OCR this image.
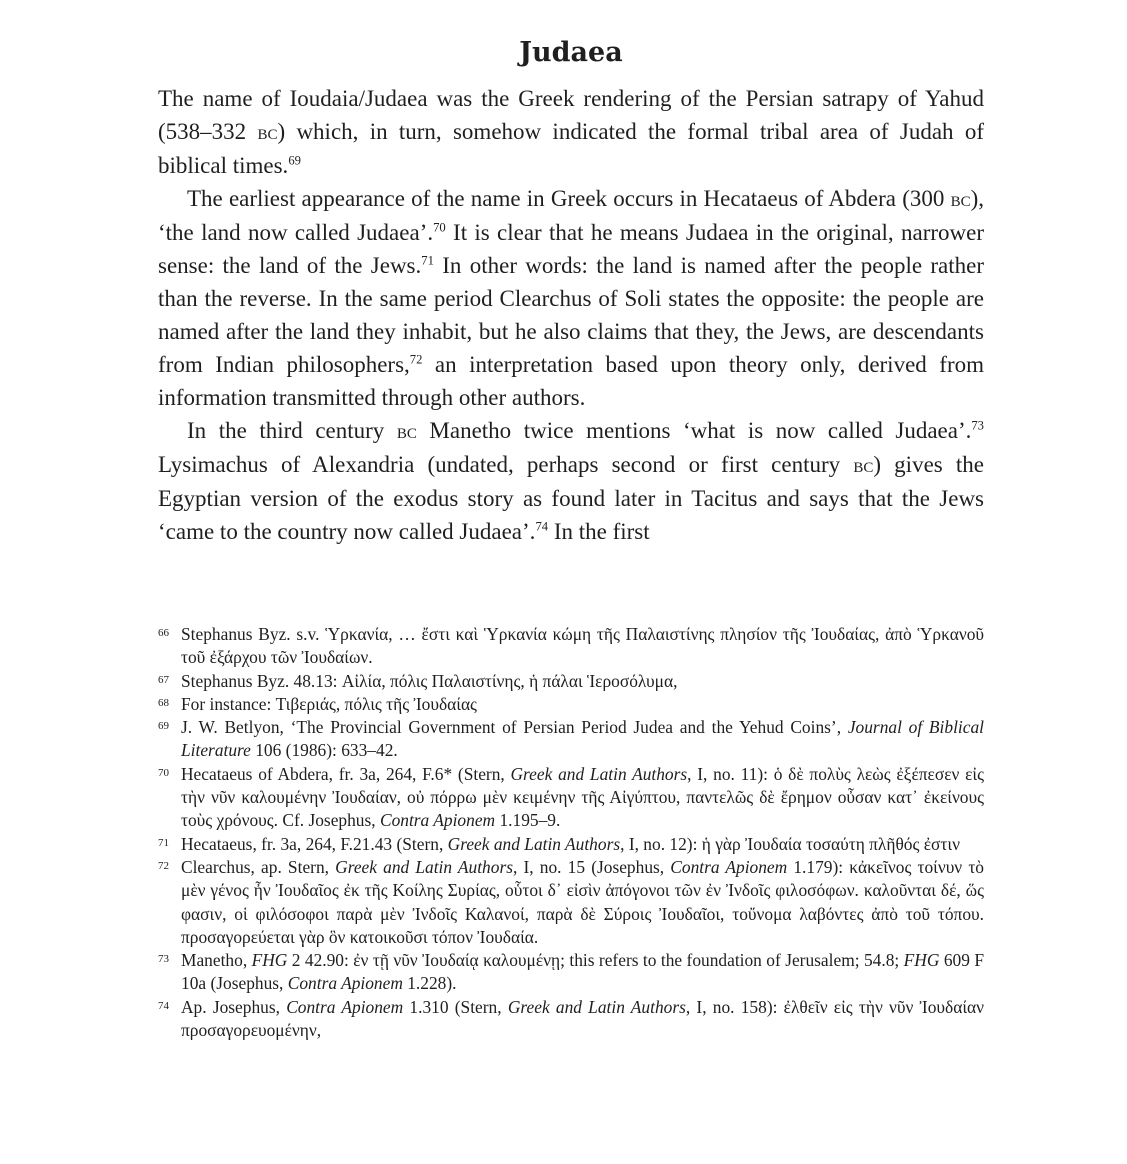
Judaea

The name of Ioudaia/Judaea was the Greek rendering of the Persian satrapy of Yahud (538–332 bc) which, in turn, somehow indicated the formal tribal area of Judah of biblical times.$^{69}$

The earliest appearance of the name in Greek occurs in Hecataeus of Abdera (300 bc), ‘the land now called Judaea’.$^{70}$ It is clear that he means Judaea in the original, narrower sense: the land of the Jews.$^{71}$ In other words: the land is named after the people rather than the reverse. In the same period Clearchus of Soli states the opposite: the people are named after the land they inhabit, but he also claims that they, the Jews, are descendants from Indian philosophers,$^{72}$ an interpretation based upon theory only, derived from information transmitted through other authors.

In the third century bc Manetho twice mentions ‘what is now called Judaea’.$^{73}$ Lysimachus of Alexandria (undated, perhaps second or first century bc) gives the Egyptian version of the exodus story as found later in Tacitus and says that the Jews ‘came to the country now called Judaea’.$^{74}$ In the first

66 Stephanus Byz. s.v. Ὑρκανία, … ἔστι καὶ Ὑρκανία κώμη τῆς Παλαιστίνης πλησίον τῆς Ἰουδαίας, ἀπὸ Ὑρκανοῦ τοῦ ἐξάρχου τῶν Ἰουδαίων.
67 Stephanus Byz. 48.13: Αἰλία, πόλις Παλαιστίνης, ἡ πάλαι Ἱεροσόλυμα,
68 For instance: Τιβεριάς, πόλις τῆς Ἰουδαίας
69 J. W. Betlyon, ‘The Provincial Government of Persian Period Judea and the Yehud Coins’, Journal of Biblical Literature 106 (1986): 633–42.
70 Hecataeus of Abdera, fr. 3a, 264, F.6* (Stern, Greek and Latin Authors, I, no. 11): ὁ δὲ πολὺς λεὼς ἐξέπεσεν εἰς τὴν νῦν καλουμένην Ἰουδαίαν, οὐ πόρρω μὲν κειμένην τῆς Αἰγύπτου, παντελῶς δὲ ἔρημον οὖσαν κατ᾽ ἐκείνους τοὺς χρόνους. Cf. Josephus, Contra Apionem 1.195–9.
71 Hecataeus, fr. 3a, 264, F.21.43 (Stern, Greek and Latin Authors, I, no. 12): ἡ γὰρ Ἰουδαία τοσαύτη πλῆθός ἐστιν
72 Clearchus, ap. Stern, Greek and Latin Authors, I, no. 15 (Josephus, Contra Apionem 1.179): κἀκεῖνος τοίνυν τὸ μὲν γένος ἦν Ἰουδαῖος ἐκ τῆς Κοίλης Συρίας, οὗτοι δ᾽ εἰσὶν ἀπόγονοι τῶν ἐν Ἰνδοῖς φιλοσόφων. καλοῦνται δέ, ὥς φασιν, οἱ φιλόσοφοι παρὰ μὲν Ἰνδοῖς Καλανοί, παρὰ δὲ Σύροις Ἰουδαῖοι, τοὔνομα λαβόντες ἀπὸ τοῦ τόπου. προσαγορεύεται γὰρ ὃν κατοικοῦσι τόπον Ἰουδαία.
73 Manetho, FHG 2 42.90: ἐν τῇ νῦν Ἰουδαίᾳ καλουμένῃ; this refers to the foundation of Jerusalem; 54.8; FHG 609 F 10a (Josephus, Contra Apionem 1.228).
74 Ap. Josephus, Contra Apionem 1.310 (Stern, Greek and Latin Authors, I, no. 158): ἐλθεῖν εἰς τὴν νῦν Ἰουδαίαν προσαγορευομένην,
